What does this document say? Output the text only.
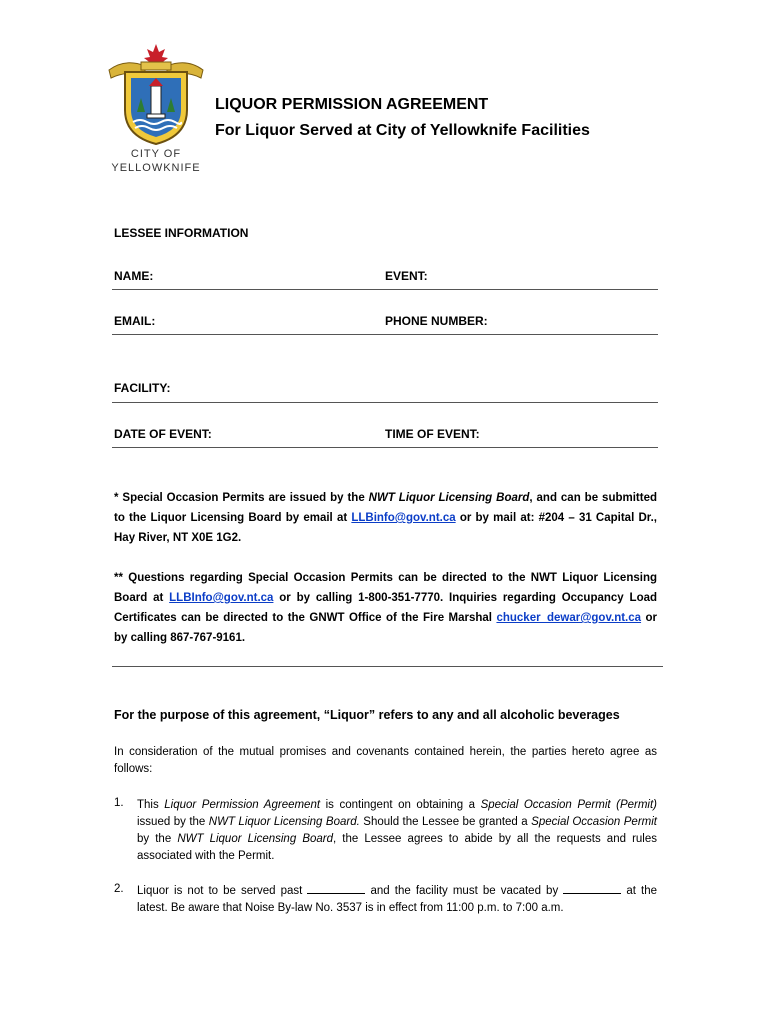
CITY OF
YELLOWKNIFE
LIQUOR PERMISSION AGREEMENT
For Liquor Served at City of Yellowknife Facilities
LESSEE INFORMATION
NAME:	EVENT:
EMAIL:	PHONE NUMBER:
FACILITY:
DATE OF EVENT:	TIME OF EVENT:
* Special Occasion Permits are issued by the NWT Liquor Licensing Board, and can be submitted to the Liquor Licensing Board by email at LLBinfo@gov.nt.ca or by mail at: #204 – 31 Capital Dr., Hay River, NT X0E 1G2.
** Questions regarding Special Occasion Permits can be directed to the NWT Liquor Licensing Board at LLBInfo@gov.nt.ca or by calling 1-800-351-7770. Inquiries regarding Occupancy Load Certificates can be directed to the GNWT Office of the Fire Marshal chucker_dewar@gov.nt.ca or by calling 867-767-9161.
For the purpose of this agreement, “Liquor” refers to any and all alcoholic beverages
In consideration of the mutual promises and covenants contained herein, the parties hereto agree as follows:
1. This Liquor Permission Agreement is contingent on obtaining a Special Occasion Permit (Permit) issued by the NWT Liquor Licensing Board. Should the Lessee be granted a Special Occasion Permit by the NWT Liquor Licensing Board, the Lessee agrees to abide by all the requests and rules associated with the Permit.
2. Liquor is not to be served past	and the facility must be vacated by	at the latest. Be aware that Noise By-law No. 3537 is in effect from 11:00 p.m. to 7:00 a.m.
